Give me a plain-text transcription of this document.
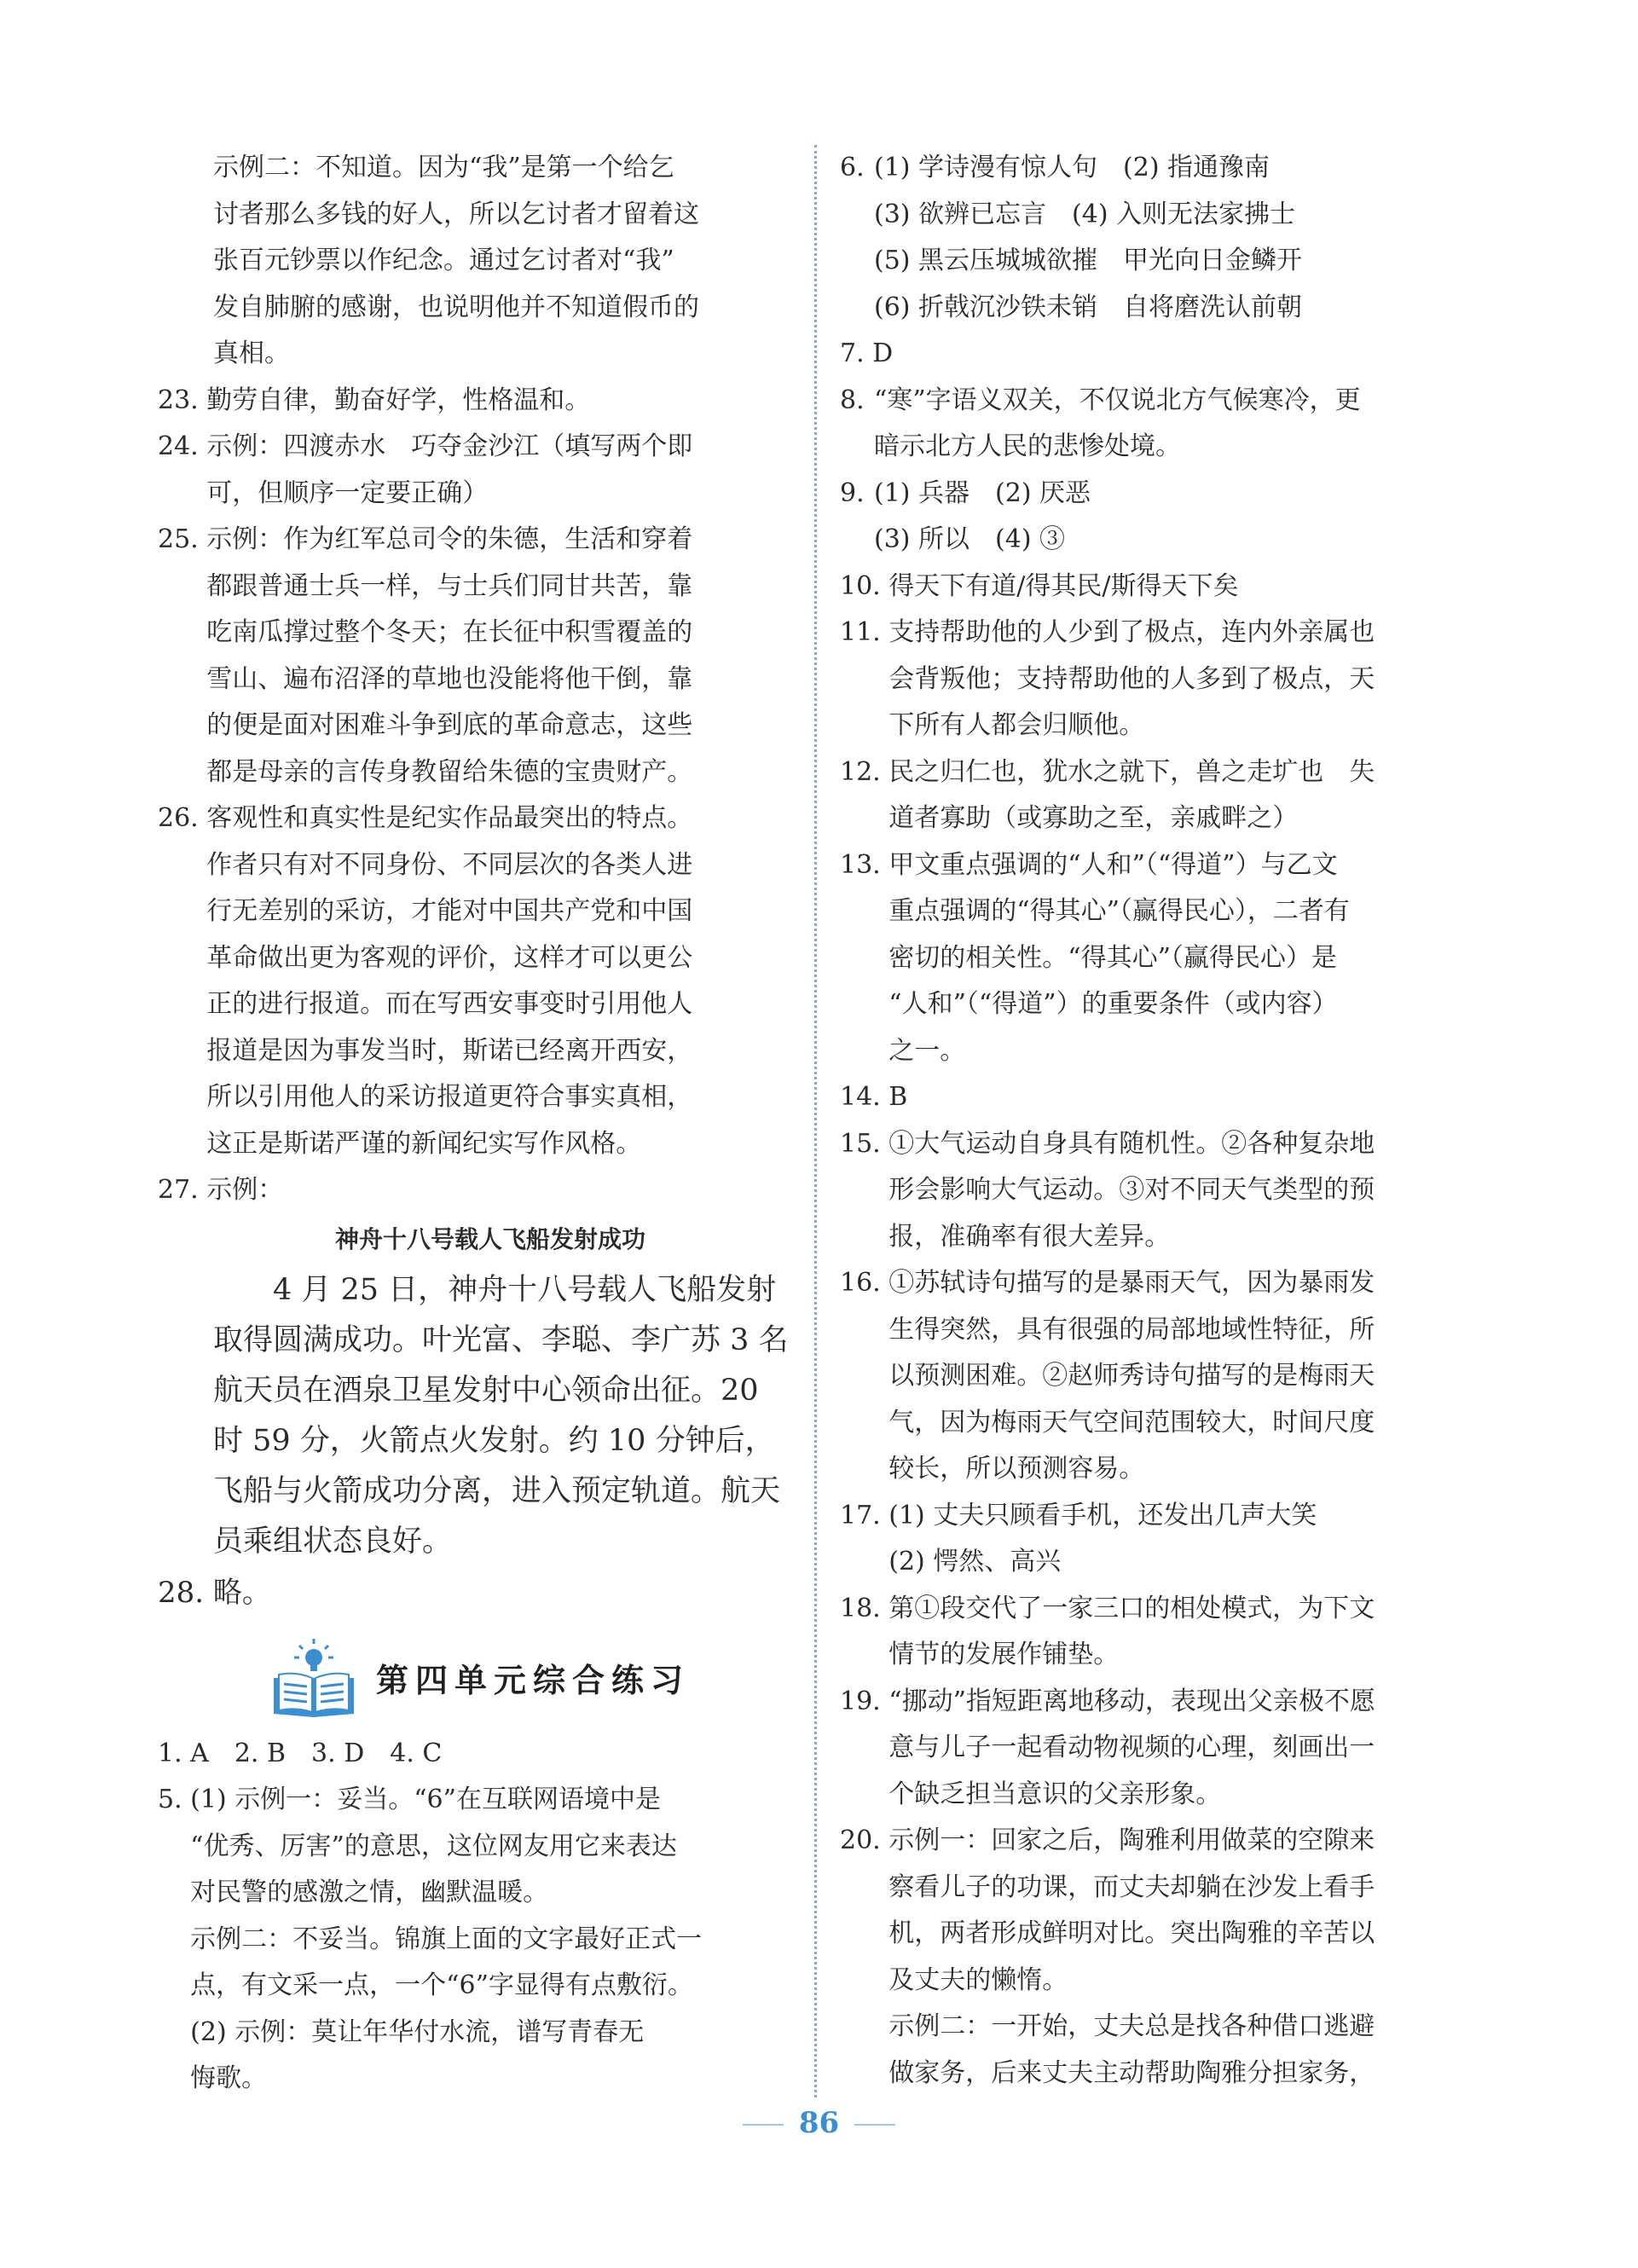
示例二：不知道。因为“我”是第一个给乞

讨者那么多钱的好人，所以乞讨者才留着这

张百元钞票以作纪念。通过乞讨者对“我”

发自肺腑的感谢，也说明他并不知道假币的

真相。

23. 勤劳自律，勤奋好学，性格温和。
24. 示例：四渡赤水　巧夺金沙江（填写两个即
可，但顺序一定要正确）
25. 示例：作为红军总司令的朱德，生活和穿着
都跟普通士兵一样，与士兵们同甘共苦，靠
吃南瓜撑过整个冬天；在长征中积雪覆盖的
雪山、遍布沼泽的草地也没能将他干倒，靠
的便是面对困难斗争到底的革命意志，这些
都是母亲的言传身教留给朱德的宝贵财产。
26. 客观性和真实性是纪实作品最突出的特点。
作者只有对不同身份、不同层次的各类人进
行无差别的采访，才能对中国共产党和中国
革命做出更为客观的评价，这样才可以更公
正的进行报道。而在写西安事变时引用他人
报道是因为事发当时，斯诺已经离开西安，
所以引用他人的采访报道更符合事实真相，
这正是斯诺严谨的新闻纪实写作风格。
27. 示例：

神舟十八号载人飞船发射成功

4 月 25 日，神舟十八号载人飞船发射取得圆满成功。叶光富、李聪、李广苏 3 名航天员在酒泉卫星发射中心领命出征。20 时 59 分，火箭点火发射。约 10 分钟后，飞船与火箭成功分离，进入预定轨道。航天员乘组状态良好。

28. 略。
第四单元综合练习

1. A　2. B　3. D　4. C

5. (1) 示例一：妥当。“6”在互联网语境中是
“优秀、厉害”的意思，这位网友用它来表达
对民警的感激之情，幽默温暖。
示例二：不妥当。锦旗上面的文字最好正式一
点，有文采一点，一个“6”字显得有点敷衍。
(2) 示例：莫让年华付水流，谱写青春无
悔歌。
6. (1) 学诗漫有惊人句　(2) 指通豫南
(3) 欲辨已忘言　(4) 入则无法家拂士
(5) 黑云压城城欲摧　甲光向日金鳞开
(6) 折戟沉沙铁未销　自将磨洗认前朝
7. D
8. “寒”字语义双关，不仅说北方气候寒冷，更
暗示北方人民的悲惨处境。
9. (1) 兵器　(2) 厌恶
(3) 所以　(4) ③
10. 得天下有道/得其民/斯得天下矣
11. 支持帮助他的人少到了极点，连内外亲属也
会背叛他；支持帮助他的人多到了极点，天
下所有人都会归顺他。
12. 民之归仁也，犹水之就下，兽之走圹也　失
道者寡助（或寡助之至，亲戚畔之）
13. 甲文重点强调的“人和”（“得道”）与乙文
重点强调的“得其心”（赢得民心），二者有
密切的相关性。“得其心”（赢得民心）是
“人和”（“得道”）的重要条件（或内容）
之一。
14. B
15. ①大气运动自身具有随机性。②各种复杂地
形会影响大气运动。③对不同天气类型的预
报，准确率有很大差异。
16. ①苏轼诗句描写的是暴雨天气，因为暴雨发
生得突然，具有很强的局部地域性特征，所
以预测困难。②赵师秀诗句描写的是梅雨天
气，因为梅雨天气空间范围较大，时间尺度
较长，所以预测容易。
17. (1) 丈夫只顾看手机，还发出几声大笑
(2) 愕然、高兴
18. 第①段交代了一家三口的相处模式，为下文
情节的发展作铺垫。
19. “挪动”指短距离地移动，表现出父亲极不愿
意与儿子一起看动物视频的心理，刻画出一
个缺乏担当意识的父亲形象。
20. 示例一：回家之后，陶雅利用做菜的空隙来
察看儿子的功课，而丈夫却躺在沙发上看手
机，两者形成鲜明对比。突出陶雅的辛苦以
及丈夫的懒惰。
示例二：一开始，丈夫总是找各种借口逃避
做家务，后来丈夫主动帮助陶雅分担家务，
86
